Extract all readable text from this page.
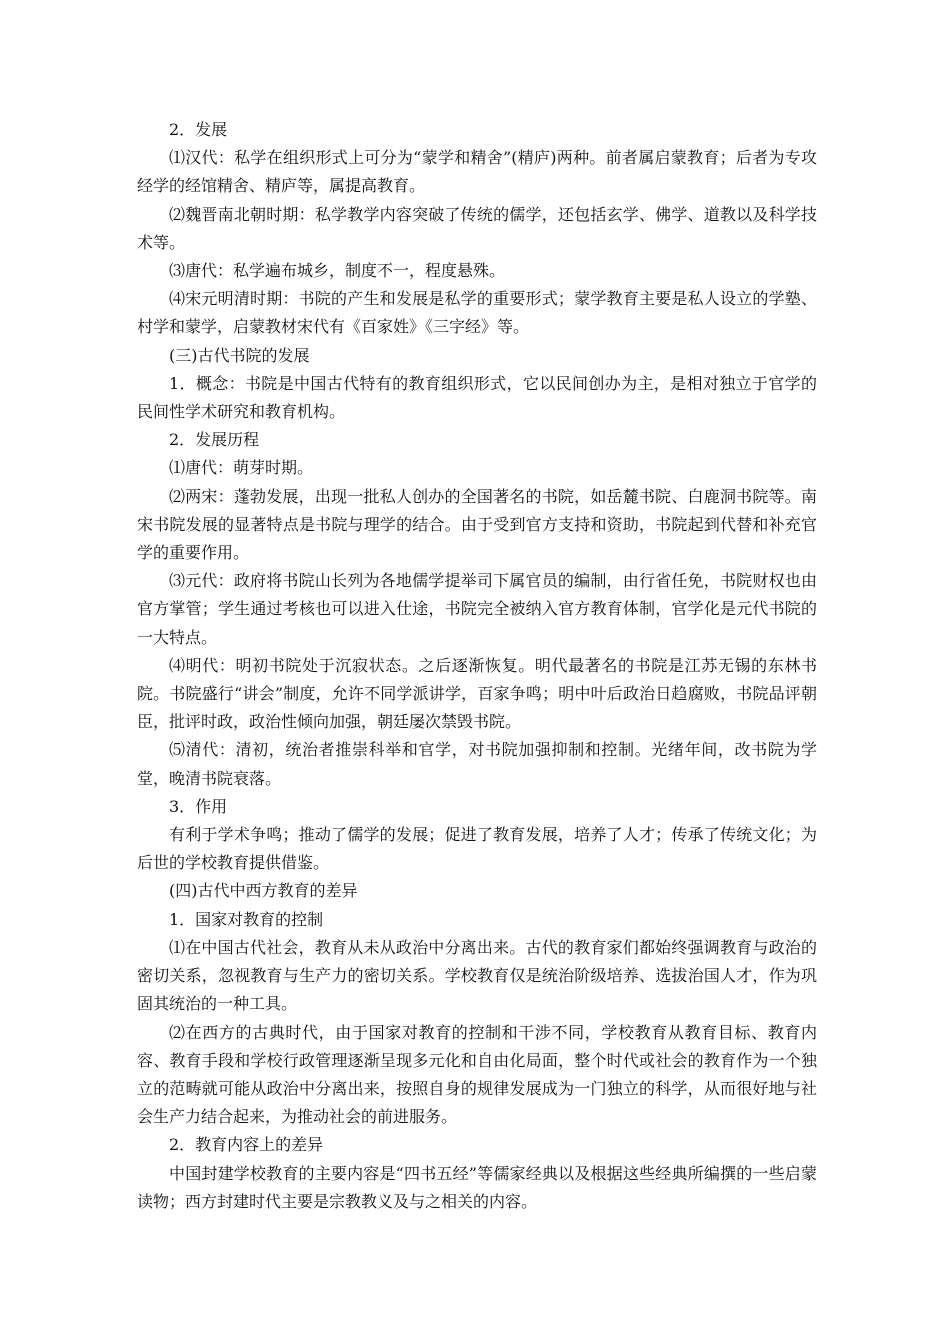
2．发展

⑴汉代：私学在组织形式上可分为“蒙学和精舍”(精庐)两种。前者属启蒙教育；后者为专攻经学的经馆精舍、精庐等，属提高教育。

⑵魏晋南北朝时期：私学教学内容突破了传统的儒学，还包括玄学、佛学、道教以及科学技术等。

⑶唐代：私学遍布城乡，制度不一，程度悬殊。

⑷宋元明清时期：书院的产生和发展是私学的重要形式；蒙学教育主要是私人设立的学塾、村学和蒙学，启蒙教材宋代有《百家姓》《三字经》等。

(三)古代书院的发展

1．概念：书院是中国古代特有的教育组织形式，它以民间创办为主，是相对独立于官学的民间性学术研究和教育机构。

2．发展历程

⑴唐代：萌芽时期。

⑵两宋：蓬勃发展，出现一批私人创办的全国著名的书院，如岳麓书院、白鹿洞书院等。南宋书院发展的显著特点是书院与理学的结合。由于受到官方支持和资助，书院起到代替和补充官学的重要作用。

⑶元代：政府将书院山长列为各地儒学提举司下属官员的编制，由行省任免，书院财权也由官方掌管；学生通过考核也可以进入仕途，书院完全被纳入官方教育体制，官学化是元代书院的一大特点。

⑷明代：明初书院处于沉寂状态。之后逐渐恢复。明代最著名的书院是江苏无锡的东林书院。书院盛行“讲会”制度，允许不同学派讲学，百家争鸣；明中叶后政治日趋腐败，书院品评朝臣，批评时政，政治性倾向加强，朝廷屡次禁毁书院。

⑸清代：清初，统治者推崇科举和官学，对书院加强抑制和控制。光绪年间，改书院为学堂，晚清书院衰落。

3．作用

有利于学术争鸣；推动了儒学的发展；促进了教育发展，培养了人才；传承了传统文化；为后世的学校教育提供借鉴。

(四)古代中西方教育的差异

1．国家对教育的控制

⑴在中国古代社会，教育从未从政治中分离出来。古代的教育家们都始终强调教育与政治的密切关系，忽视教育与生产力的密切关系。学校教育仅是统治阶级培养、选拔治国人才，作为巩固其统治的一种工具。

⑵在西方的古典时代，由于国家对教育的控制和干涉不同，学校教育从教育目标、教育内容、教育手段和学校行政管理逐渐呈现多元化和自由化局面，整个时代或社会的教育作为一个独立的范畴就可能从政治中分离出来，按照自身的规律发展成为一门独立的科学，从而很好地与社会生产力结合起来，为推动社会的前进服务。

2．教育内容上的差异

中国封建学校教育的主要内容是“四书五经”等儒家经典以及根据这些经典所编撰的一些启蒙读物；西方封建时代主要是宗教教义及与之相关的内容。
